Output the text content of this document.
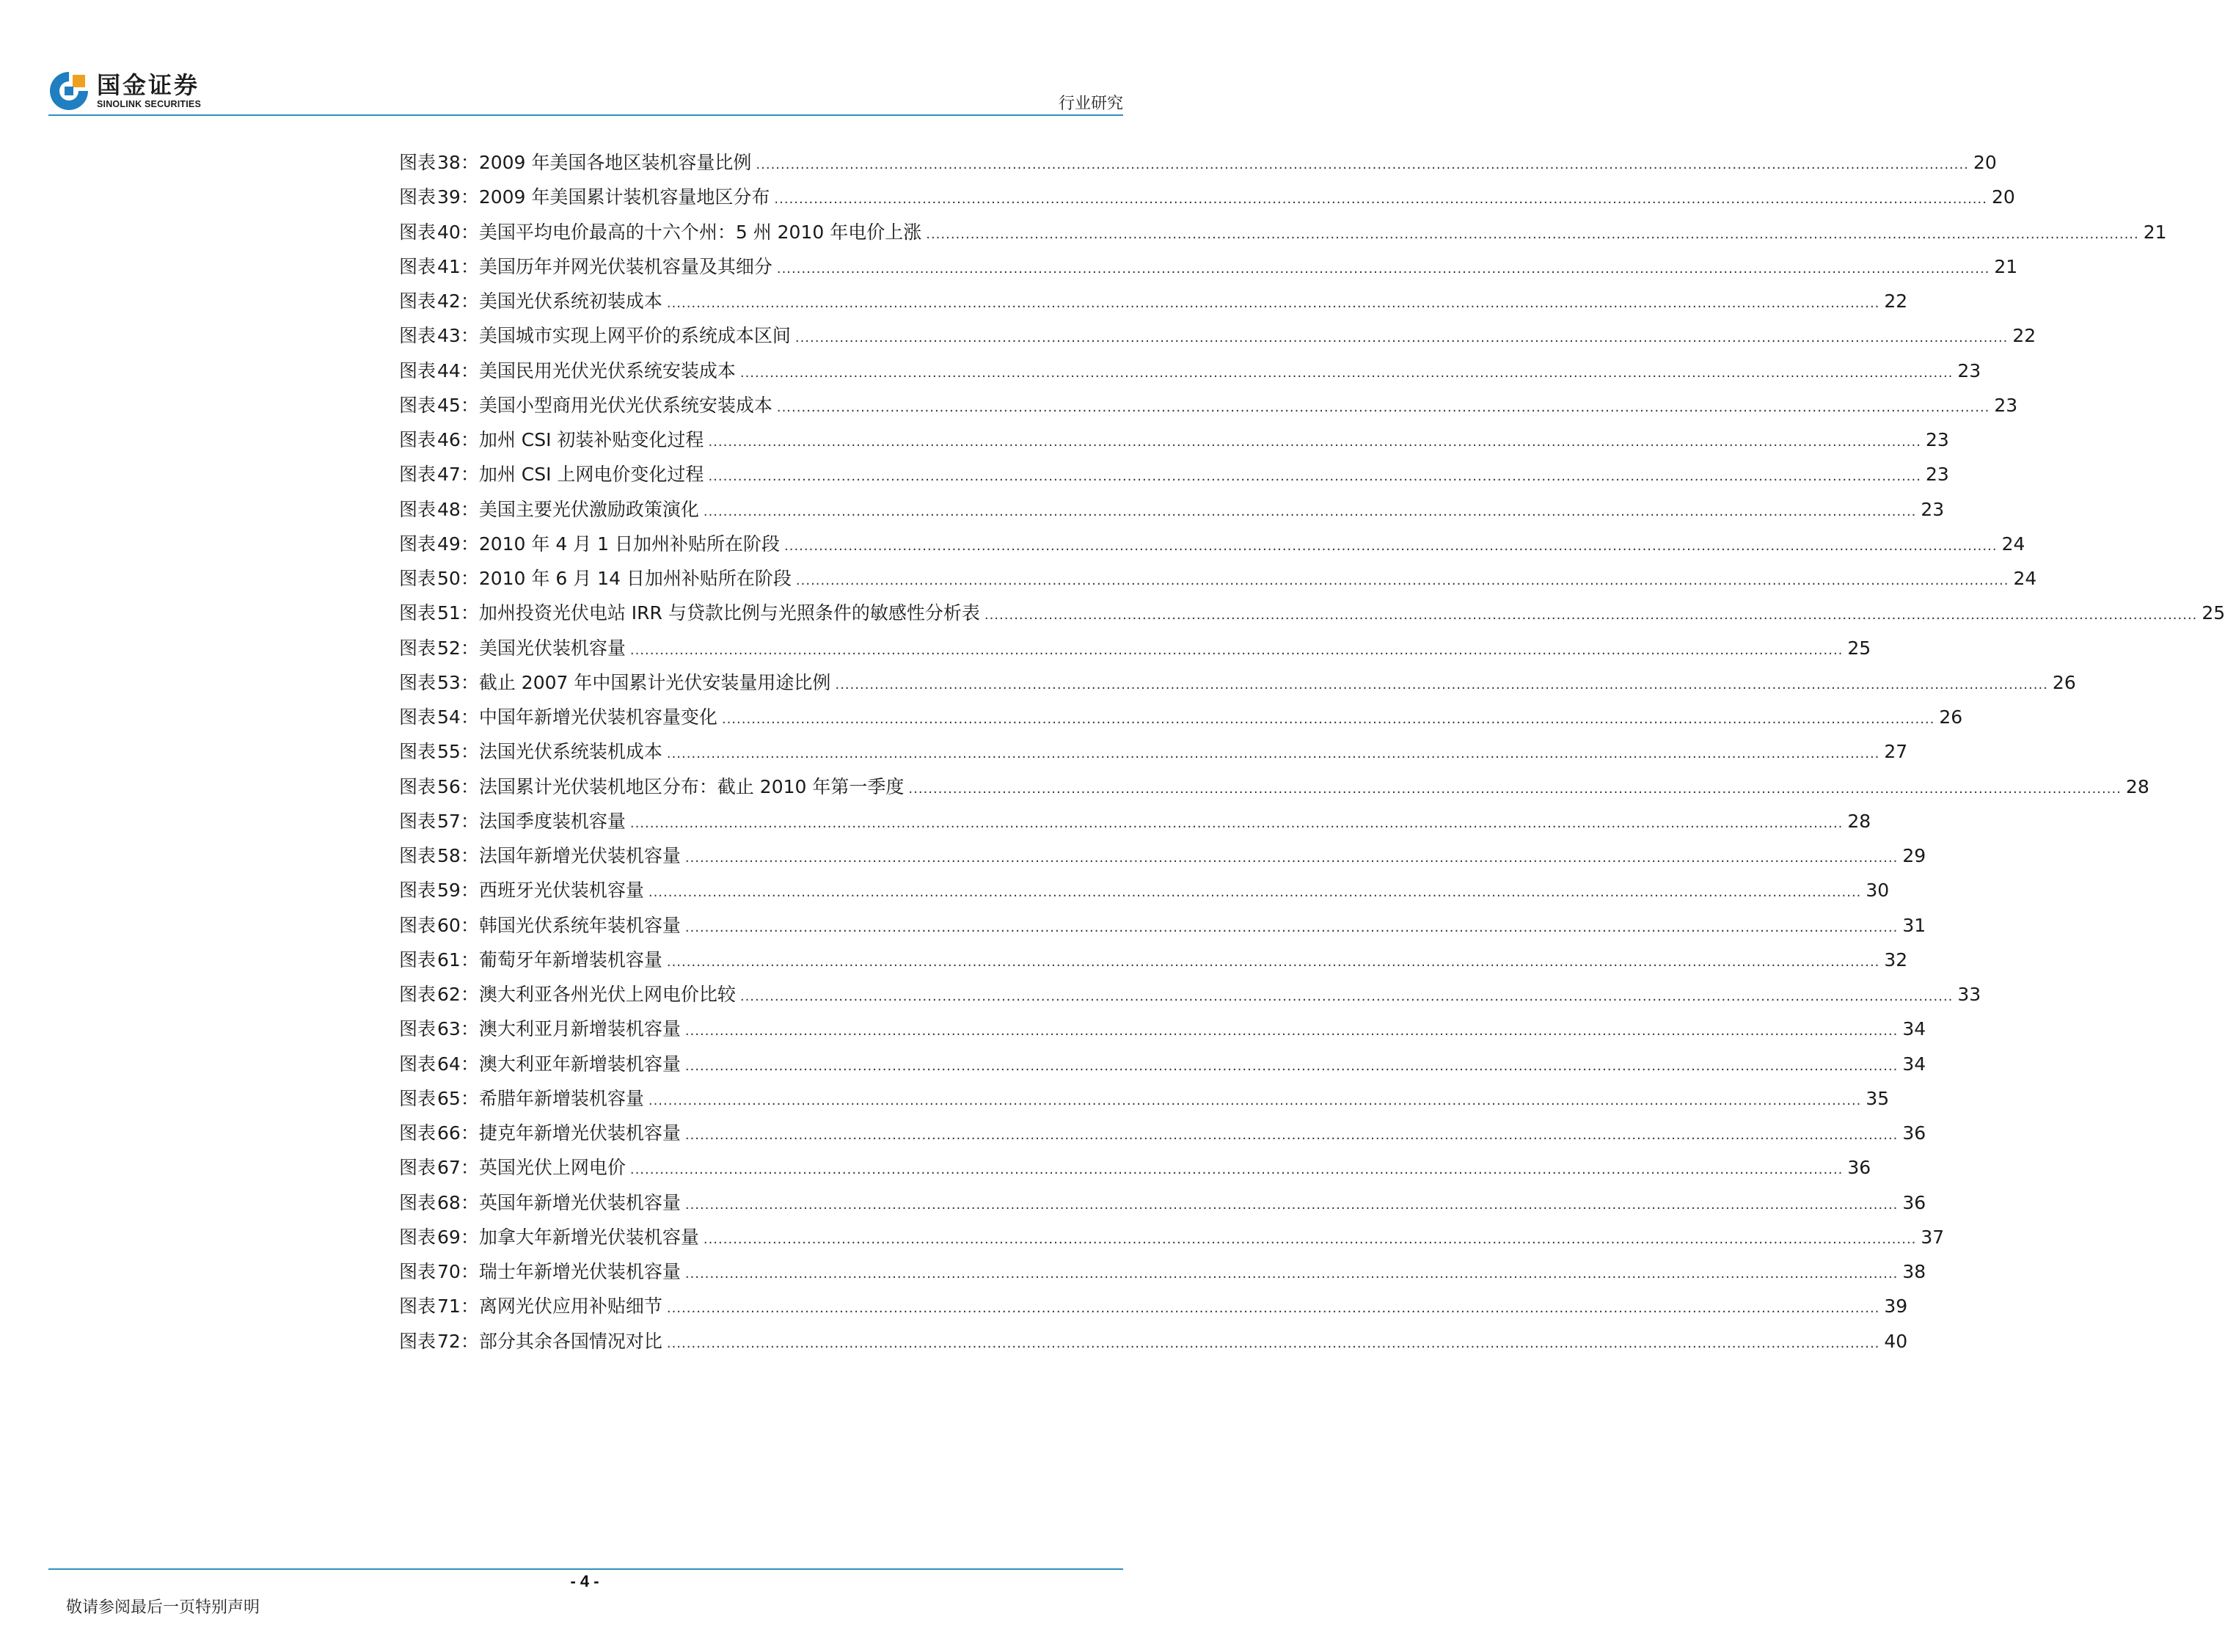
国金证券
SINOLINK SECURITIES	行业研究
图表38： 2009 年美国各地区装机容量比例 ...................................................................................................................................................................................................................................................... 20
图表39： 2009 年美国累计装机容量地区分布 ...................................................................................................................................................................................................................................................... 20
图表40： 美国平均电价最高的十六个州：5 州 2010 年电价上涨 ...................................................................................................................................................................................................................................................... 21
图表41： 美国历年并网光伏装机容量及其细分 ...................................................................................................................................................................................................................................................... 21
图表42： 美国光伏系统初装成本 ...................................................................................................................................................................................................................................................... 22
图表43： 美国城市实现上网平价的系统成本区间 ...................................................................................................................................................................................................................................................... 22
图表44： 美国民用光伏光伏系统安装成本 ...................................................................................................................................................................................................................................................... 23
图表45： 美国小型商用光伏光伏系统安装成本 ...................................................................................................................................................................................................................................................... 23
图表46： 加州 CSI 初装补贴变化过程 ...................................................................................................................................................................................................................................................... 23
图表47： 加州 CSI 上网电价变化过程 ...................................................................................................................................................................................................................................................... 23
图表48： 美国主要光伏激励政策演化 ...................................................................................................................................................................................................................................................... 23
图表49： 2010 年 4 月 1 日加州补贴所在阶段 ...................................................................................................................................................................................................................................................... 24
图表50： 2010 年 6 月 14 日加州补贴所在阶段 ...................................................................................................................................................................................................................................................... 24
图表51： 加州投资光伏电站 IRR 与贷款比例与光照条件的敏感性分析表 ...................................................................................................................................................................................................................................................... 25
图表52： 美国光伏装机容量 ...................................................................................................................................................................................................................................................... 25
图表53： 截止 2007 年中国累计光伏安装量用途比例 ...................................................................................................................................................................................................................................................... 26
图表54： 中国年新增光伏装机容量变化 ...................................................................................................................................................................................................................................................... 26
图表55： 法国光伏系统装机成本 ...................................................................................................................................................................................................................................................... 27
图表56： 法国累计光伏装机地区分布：截止 2010 年第一季度 ...................................................................................................................................................................................................................................................... 28
图表57： 法国季度装机容量 ...................................................................................................................................................................................................................................................... 28
图表58： 法国年新增光伏装机容量 ...................................................................................................................................................................................................................................................... 29
图表59： 西班牙光伏装机容量 ...................................................................................................................................................................................................................................................... 30
图表60： 韩国光伏系统年装机容量 ...................................................................................................................................................................................................................................................... 31
图表61： 葡萄牙年新增装机容量 ...................................................................................................................................................................................................................................................... 32
图表62： 澳大利亚各州光伏上网电价比较 ...................................................................................................................................................................................................................................................... 33
图表63： 澳大利亚月新增装机容量 ...................................................................................................................................................................................................................................................... 34
图表64： 澳大利亚年新增装机容量 ...................................................................................................................................................................................................................................................... 34
图表65： 希腊年新增装机容量 ...................................................................................................................................................................................................................................................... 35
图表66： 捷克年新增光伏装机容量 ...................................................................................................................................................................................................................................................... 36
图表67： 英国光伏上网电价 ...................................................................................................................................................................................................................................................... 36
图表68： 英国年新增光伏装机容量 ...................................................................................................................................................................................................................................................... 36
图表69： 加拿大年新增光伏装机容量 ...................................................................................................................................................................................................................................................... 37
图表70： 瑞士年新增光伏装机容量 ...................................................................................................................................................................................................................................................... 38
图表71： 离网光伏应用补贴细节 ...................................................................................................................................................................................................................................................... 39
图表72： 部分其余各国情况对比 ...................................................................................................................................................................................................................................................... 40
- 4 -
敬请参阅最后一页特别声明
